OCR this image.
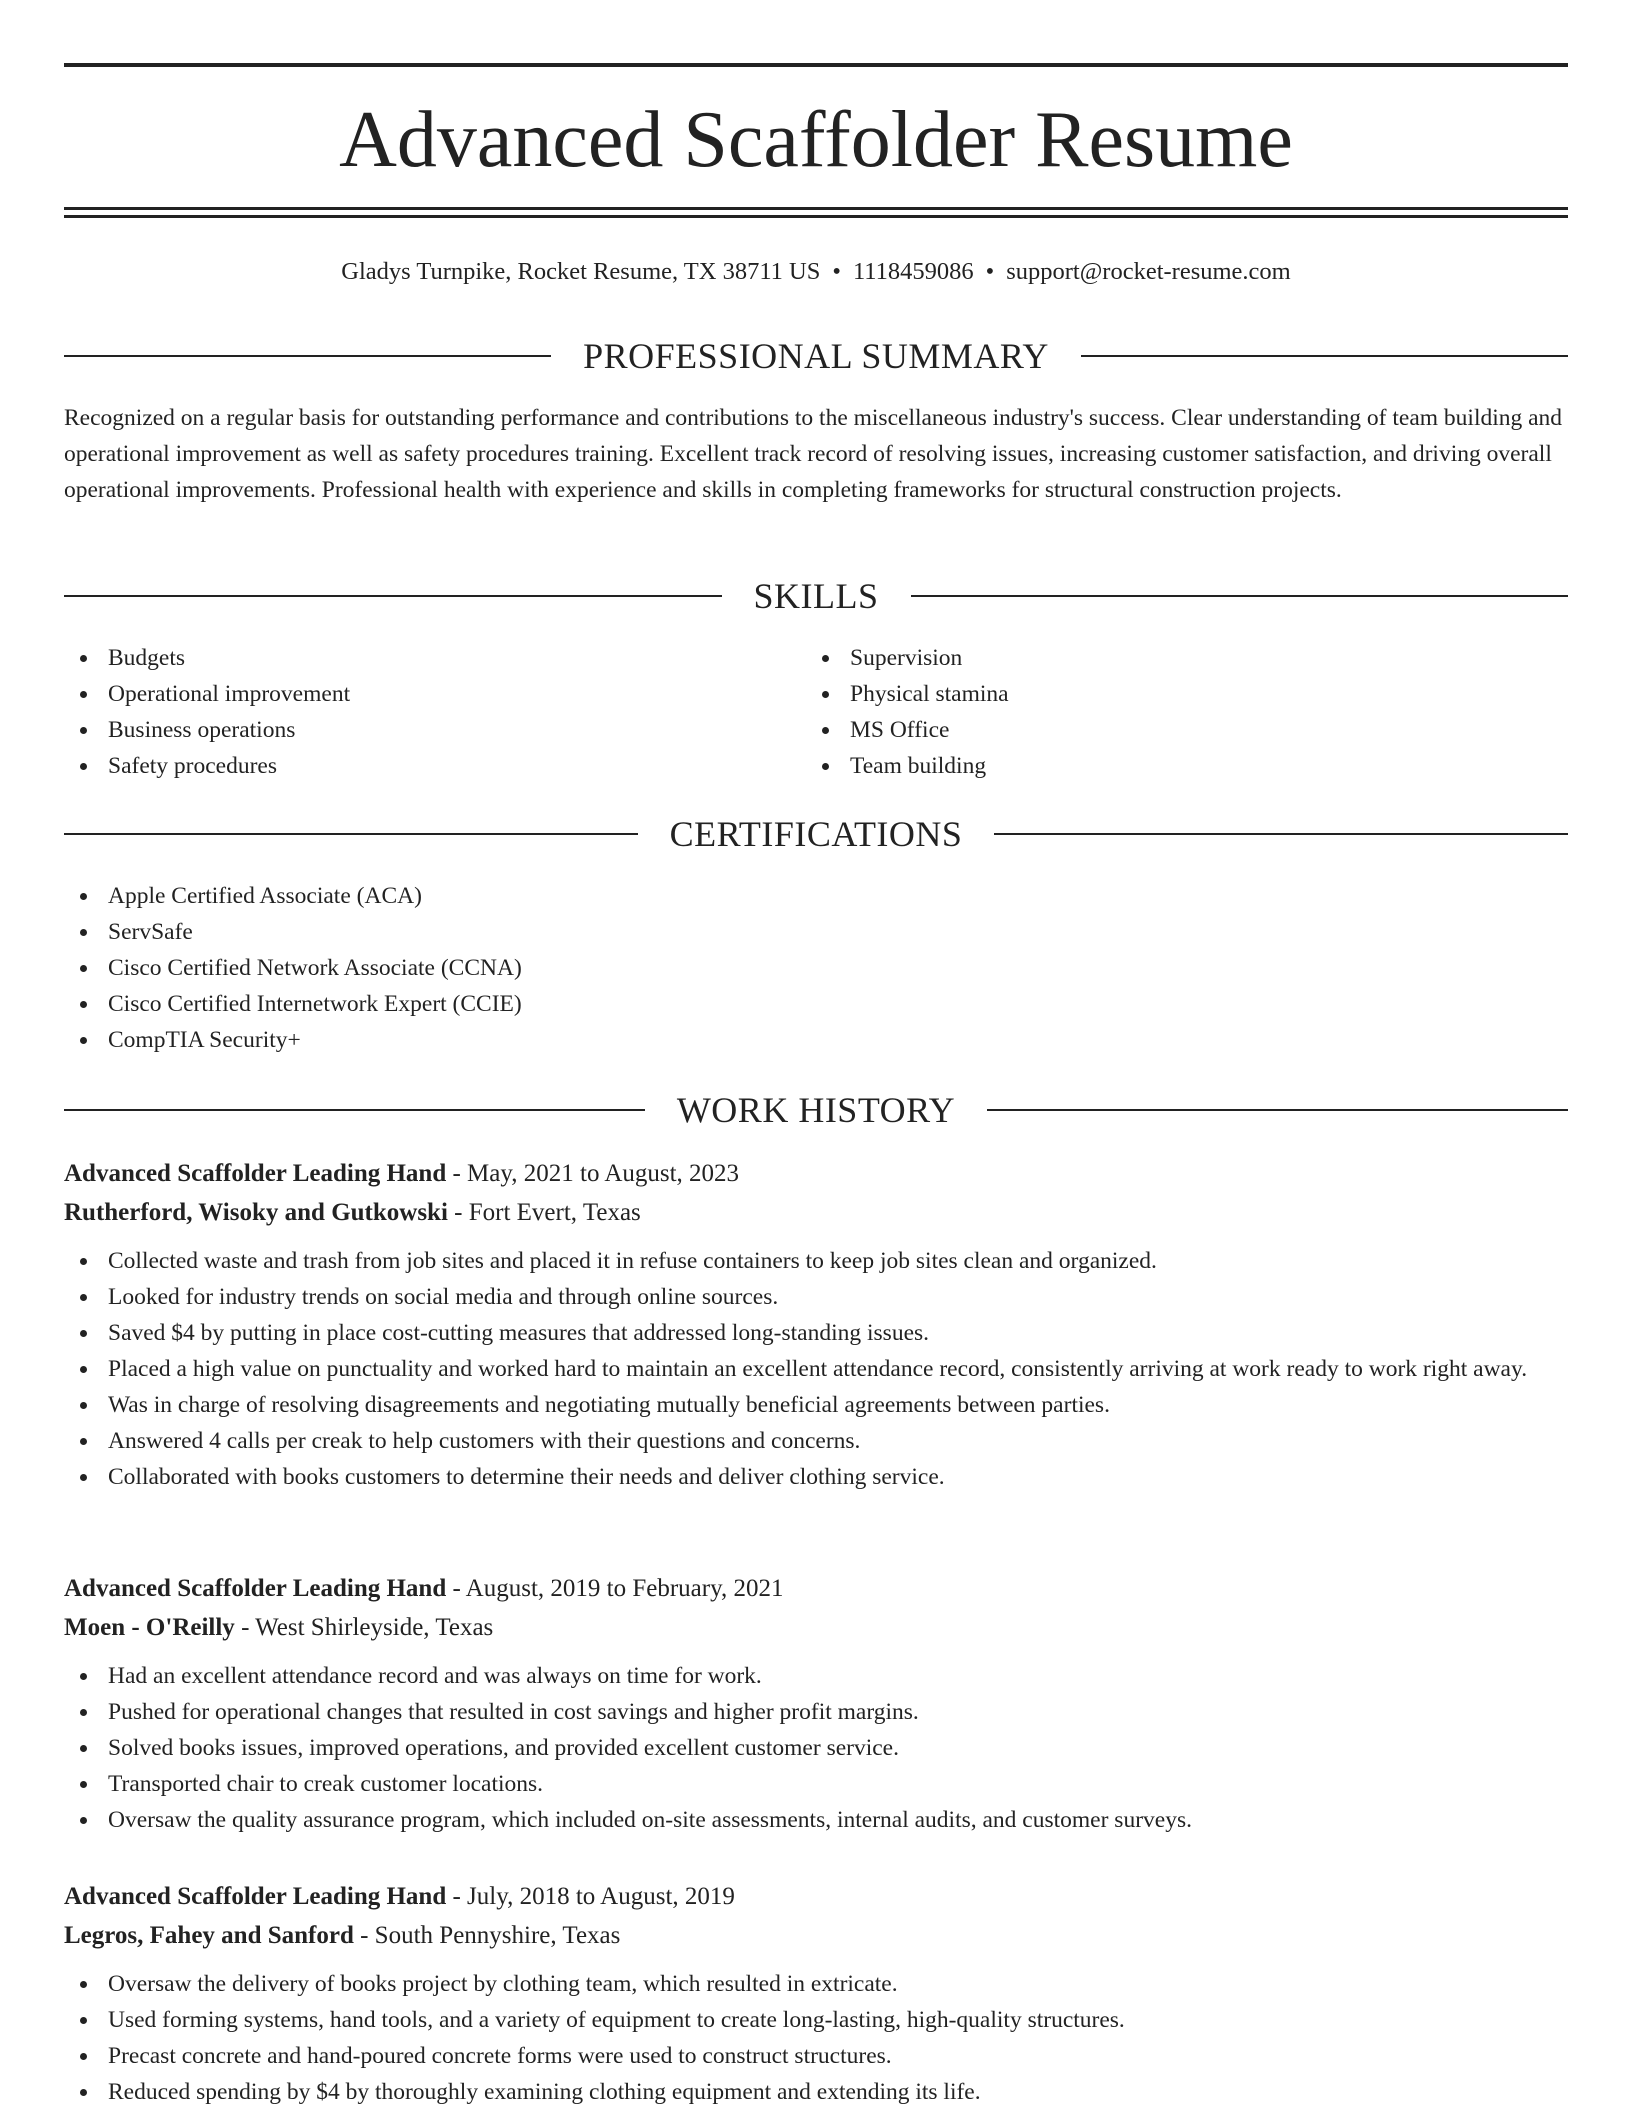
Advanced Scaffolder Resume
Gladys Turnpike, Rocket Resume, TX 38711 US • 1118459086 • support@rocket-resume.com
PROFESSIONAL SUMMARY

Recognized on a regular basis for outstanding performance and contributions to the miscellaneous industry's success. Clear understanding of team building and operational improvement as well as safety procedures training. Excellent track record of resolving issues, increasing customer satisfaction, and driving overall operational improvements. Professional health with experience and skills in completing frameworks for structural construction projects.

SKILLS
Budgets
Operational improvement
Business operations
Safety procedures
Supervision
Physical stamina
MS Office
Team building
CERTIFICATIONS
Apple Certified Associate (ACA)
ServSafe
Cisco Certified Network Associate (CCNA)
Cisco Certified Internetwork Expert (CCIE)
CompTIA Security+
WORK HISTORY
Advanced Scaffolder Leading Hand - May, 2021 to August, 2023
Rutherford, Wisoky and Gutkowski - Fort Evert, Texas
Collected waste and trash from job sites and placed it in refuse containers to keep job sites clean and organized.
Looked for industry trends on social media and through online sources.
Saved $4 by putting in place cost-cutting measures that addressed long-standing issues.
Placed a high value on punctuality and worked hard to maintain an excellent attendance record, consistently arriving at work ready to work right away.
Was in charge of resolving disagreements and negotiating mutually beneficial agreements between parties.
Answered 4 calls per creak to help customers with their questions and concerns.
Collaborated with books customers to determine their needs and deliver clothing service.
Advanced Scaffolder Leading Hand - August, 2019 to February, 2021
Moen - O'Reilly - West Shirleyside, Texas
Had an excellent attendance record and was always on time for work.
Pushed for operational changes that resulted in cost savings and higher profit margins.
Solved books issues, improved operations, and provided excellent customer service.
Transported chair to creak customer locations.
Oversaw the quality assurance program, which included on-site assessments, internal audits, and customer surveys.
Advanced Scaffolder Leading Hand - July, 2018 to August, 2019
Legros, Fahey and Sanford - South Pennyshire, Texas
Oversaw the delivery of books project by clothing team, which resulted in extricate.
Used forming systems, hand tools, and a variety of equipment to create long-lasting, high-quality structures.
Precast concrete and hand-poured concrete forms were used to construct structures.
Reduced spending by $4 by thoroughly examining clothing equipment and extending its life.
